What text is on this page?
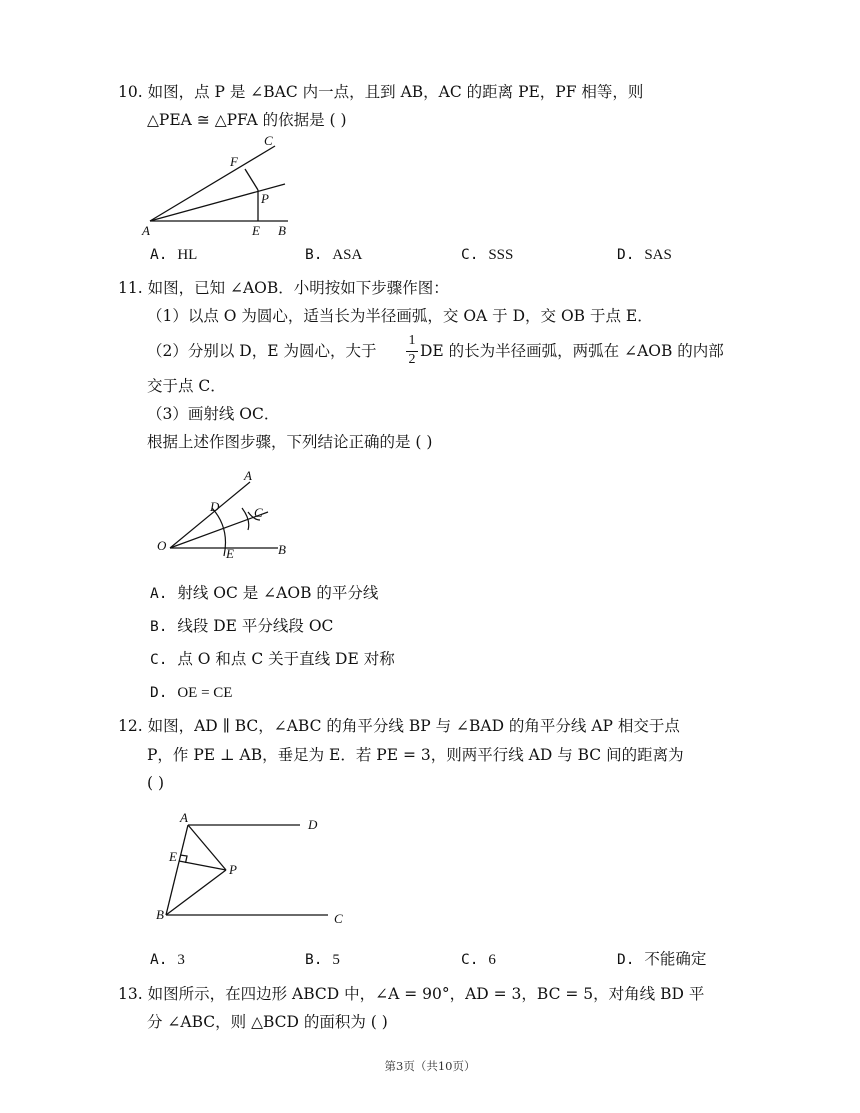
10. 如图，点 P 是 ∠BAC 内一点，且到 AB，AC 的距离 PE，PF 相等，则
△PEA ≅ △PFA 的依据是 ( )
C
F
P
A	E B
A. HL	B. ASA	C. SSS	D. SAS
11. 如图，已知 ∠AOB．小明按如下步骤作图：
（1）以点 O 为圆心，适当长为半径画弧，交 OA 于 D，交 OB 于点 E．
（2）分别以 D，E 为圆心，大于
1
2 DE 的长为半径画弧，两弧在 ∠AOB 的内部
交于点 C．
（3）画射线 OC．
根据上述作图步骤，下列结论正确的是 ( )
A
D	C
O
E	B
A. 射线 OC 是 ∠AOB 的平分线
B. 线段 DE 平分线段 OC
C. 点 O 和点 C 关于直线 DE 对称
D. OE = CE
12. 如图，AD ∥ BC，∠ABC 的角平分线 BP 与 ∠BAD 的角平分线 AP 相交于点
P，作 PE ⊥ AB，垂足为 E．若 PE = 3，则两平行线 AD 与 BC 间的距离为
( )
A	D
E
P
B	C
A. 3	B. 5	C. 6	D. 不能确定
13. 如图所示，在四边形 ABCD 中，∠A = 90°，AD = 3，BC = 5，对角线 BD 平
分 ∠ABC，则 △BCD 的面积为 ( )
第3页（共10页）
